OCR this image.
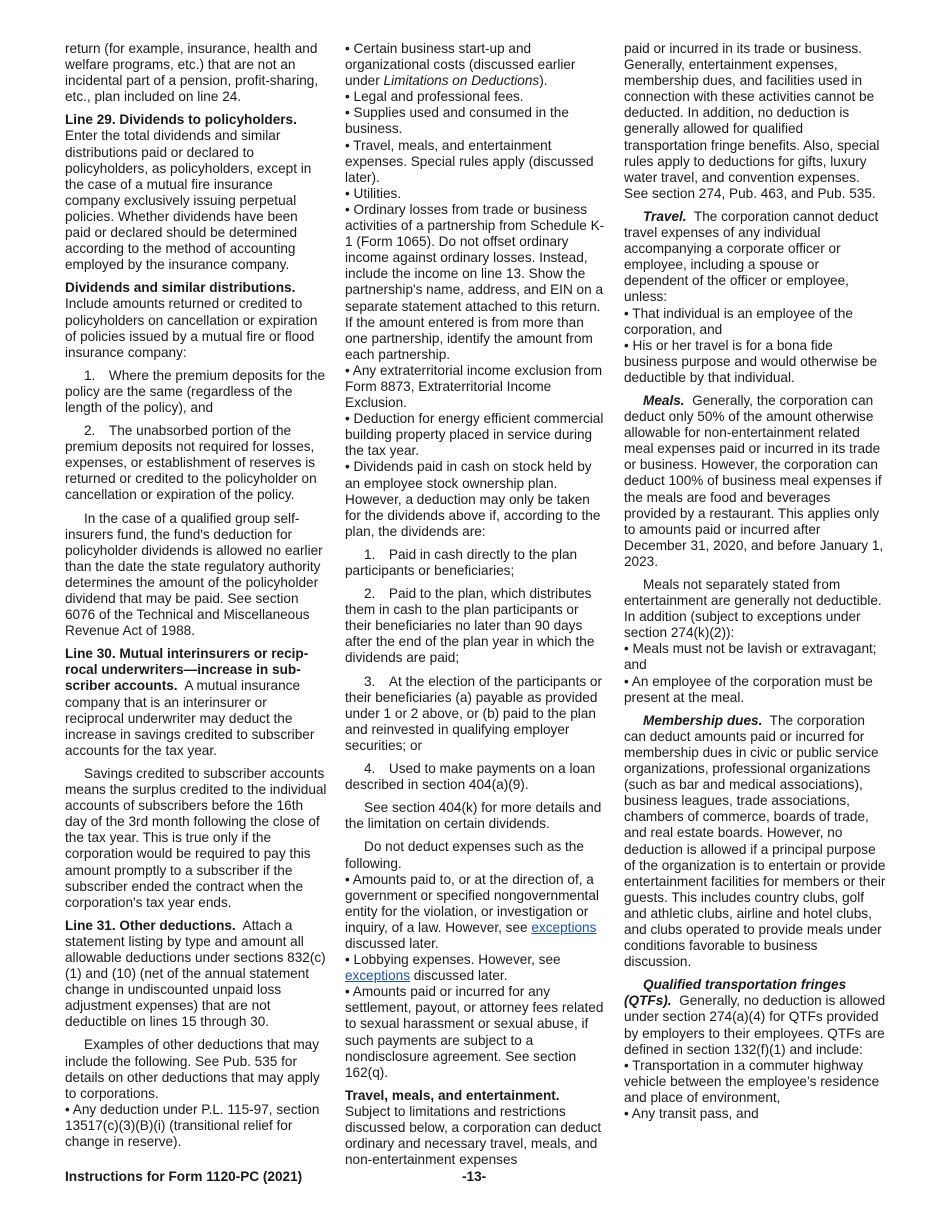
return (for example, insurance, health and welfare programs, etc.) that are not an incidental part of a pension, profit-sharing, etc., plan included on line 24.

Line 29. Dividends to policyholders.
Enter the total dividends and similar distributions paid or declared to policyholders, as policyholders, except in the case of a mutual fire insurance company exclusively issuing perpetual policies. Whether dividends have been paid or declared should be determined according to the method of accounting employed by the insurance company.

Dividends and similar distributions.
Include amounts returned or credited to policyholders on cancellation or expiration of policies issued by a mutual fire or flood insurance company:

1. Where the premium deposits for the policy are the same (regardless of the length of the policy), and

2. The unabsorbed portion of the premium deposits not required for losses, expenses, or establishment of reserves is returned or credited to the policyholder on cancellation or expiration of the policy.

In the case of a qualified group self-insurers fund, the fund's deduction for policyholder dividends is allowed no earlier than the date the state regulatory authority determines the amount of the policyholder dividend that may be paid. See section 6076 of the Technical and Miscellaneous Revenue Act of 1988.

Line 30. Mutual interinsurers or reciprocal underwriters—increase in subscriber accounts. A mutual insurance company that is an interinsurer or reciprocal underwriter may deduct the increase in savings credited to subscriber accounts for the tax year.

Savings credited to subscriber accounts means the surplus credited to the individual accounts of subscribers before the 16th day of the 3rd month following the close of the tax year. This is true only if the corporation would be required to pay this amount promptly to a subscriber if the subscriber ended the contract when the corporation's tax year ends.

Line 31. Other deductions. Attach a statement listing by type and amount all allowable deductions under sections 832(c)(1) and (10) (net of the annual statement change in undiscounted unpaid loss adjustment expenses) that are not deductible on lines 15 through 30.

Examples of other deductions that may include the following. See Pub. 535 for details on other deductions that may apply to corporations.

• Any deduction under P.L. 115-97, section 13517(c)(3)(B)(i) (transitional relief for change in reserve).

• Certain business start-up and organizational costs (discussed earlier under Limitations on Deductions).

• Legal and professional fees.

• Supplies used and consumed in the business.

• Travel, meals, and entertainment expenses. Special rules apply (discussed later).

• Utilities.

• Ordinary losses from trade or business activities of a partnership from Schedule K-1 (Form 1065). Do not offset ordinary income against ordinary losses. Instead, include the income on line 13. Show the partnership's name, address, and EIN on a separate statement attached to this return. If the amount entered is from more than one partnership, identify the amount from each partnership.

• Any extraterritorial income exclusion from Form 8873, Extraterritorial Income Exclusion.

• Deduction for energy efficient commercial building property placed in service during the tax year.

• Dividends paid in cash on stock held by an employee stock ownership plan. However, a deduction may only be taken for the dividends above if, according to the plan, the dividends are:

1. Paid in cash directly to the plan participants or beneficiaries;

2. Paid to the plan, which distributes them in cash to the plan participants or their beneficiaries no later than 90 days after the end of the plan year in which the dividends are paid;

3. At the election of the participants or their beneficiaries (a) payable as provided under 1 or 2 above, or (b) paid to the plan and reinvested in qualifying employer securities; or

4. Used to make payments on a loan described in section 404(a)(9).

See section 404(k) for more details and the limitation on certain dividends.

Do not deduct expenses such as the following.

• Amounts paid to, or at the direction of, a government or specified nongovernmental entity for the violation, or investigation or inquiry, of a law. However, see exceptions discussed later.

• Lobbying expenses. However, see exceptions discussed later.

• Amounts paid or incurred for any settlement, payout, or attorney fees related to sexual harassment or sexual abuse, if such payments are subject to a nondisclosure agreement. See section 162(q).

Travel, meals, and entertainment.
Subject to limitations and restrictions discussed below, a corporation can deduct ordinary and necessary travel, meals, and non-entertainment expenses

paid or incurred in its trade or business. Generally, entertainment expenses, membership dues, and facilities used in connection with these activities cannot be deducted. In addition, no deduction is generally allowed for qualified transportation fringe benefits. Also, special rules apply to deductions for gifts, luxury water travel, and convention expenses. See section 274, Pub. 463, and Pub. 535.

Travel. The corporation cannot deduct travel expenses of any individual accompanying a corporate officer or employee, including a spouse or dependent of the officer or employee, unless:

• That individual is an employee of the corporation, and

• His or her travel is for a bona fide business purpose and would otherwise be deductible by that individual.

Meals. Generally, the corporation can deduct only 50% of the amount otherwise allowable for non-entertainment related meal expenses paid or incurred in its trade or business. However, the corporation can deduct 100% of business meal expenses if the meals are food and beverages provided by a restaurant. This applies only to amounts paid or incurred after December 31, 2020, and before January 1, 2023.

Meals not separately stated from entertainment are generally not deductible. In addition (subject to exceptions under section 274(k)(2)):

• Meals must not be lavish or extravagant; and

• An employee of the corporation must be present at the meal.

Membership dues. The corporation can deduct amounts paid or incurred for membership dues in civic or public service organizations, professional organizations (such as bar and medical associations), business leagues, trade associations, chambers of commerce, boards of trade, and real estate boards. However, no deduction is allowed if a principal purpose of the organization is to entertain or provide entertainment facilities for members or their guests. This includes country clubs, golf and athletic clubs, airline and hotel clubs, and clubs operated to provide meals under conditions favorable to business discussion.

Qualified transportation fringes (QTFs). Generally, no deduction is allowed under section 274(a)(4) for QTFs provided by employers to their employees. QTFs are defined in section 132(f)(1) and include:

• Transportation in a commuter highway vehicle between the employee’s residence and place of environment,

• Any transit pass, and

Instructions for Form 1120-PC (2021)	-13-
